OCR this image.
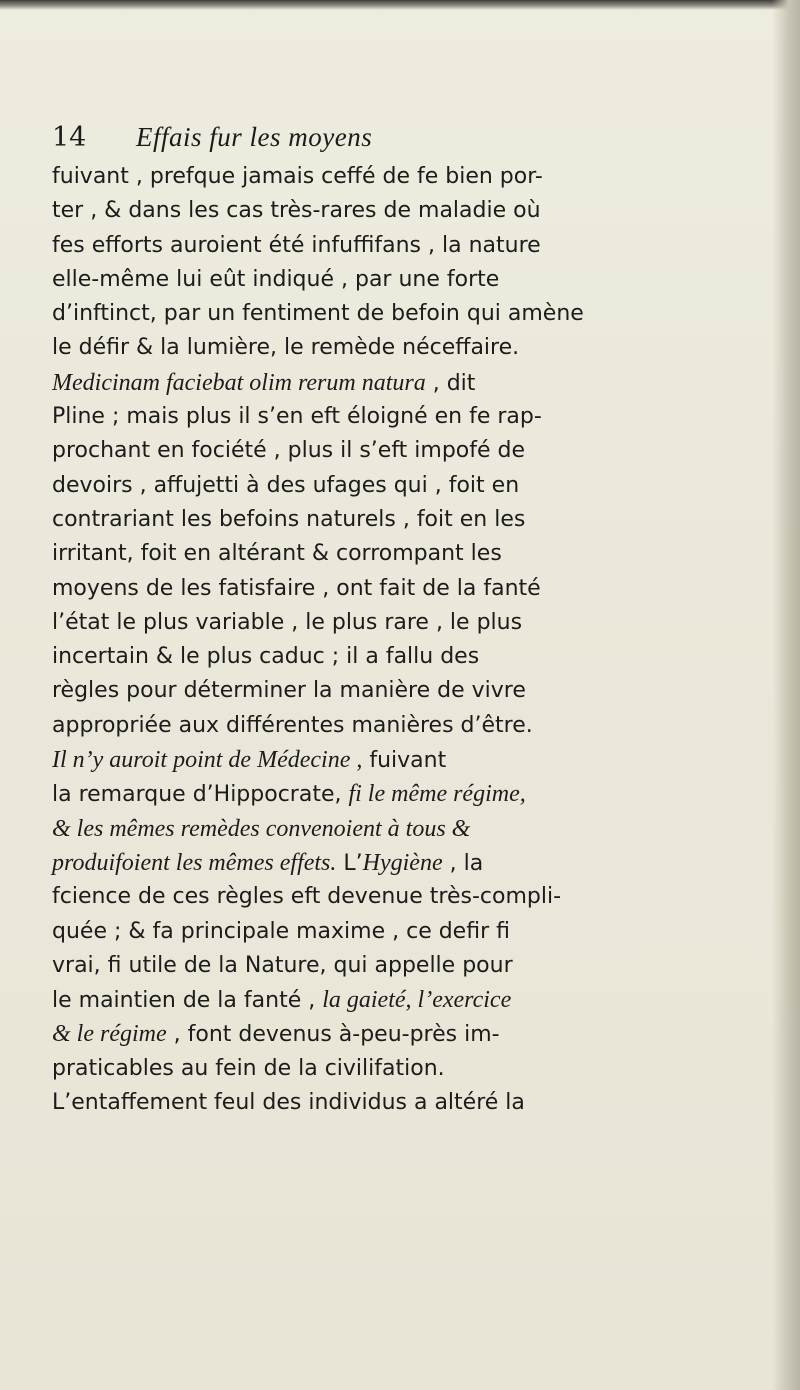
14 Effais fur les moyens
fuivant , prefque jamais ceffé de fe bien por-
ter , & dans les cas très-rares de maladie où
fes efforts auroient été infuffifans , la nature
elle-même lui eût indiqué , par une forte
d’inftinct, par un fentiment de befoin qui amène
le défir & la lumière, le remède néceffaire.
Medicinam faciebat olim rerum natura , dit
Pline ; mais plus il s’en eft éloigné en fe rap-
prochant en fociété , plus il s’eft impofé de
devoirs , affujetti à des ufages qui , foit en
contrariant les befoins naturels , foit en les
irritant, foit en altérant & corrompant les
moyens de les fatisfaire , ont fait de la fanté
l’état le plus variable , le plus rare , le plus
incertain & le plus caduc ; il a fallu des
règles pour déterminer la manière de vivre
appropriée aux différentes manières d’être.
Il n’y auroit point de Médecine , fuivant
la remarque d’Hippocrate, fi le même régime,
& les mêmes remèdes convenoient à tous &
produifoient les mêmes effets. L’Hygiène , la
fcience de ces règles eft devenue très-compli-
quée ; & fa principale maxime , ce defir fi
vrai, fi utile de la Nature, qui appelle pour
le maintien de la fanté , la gaieté, l’exercice
& le régime , font devenus à-peu-près im-
praticables au fein de la civilifation.
L’entaffement feul des individus a altéré la
